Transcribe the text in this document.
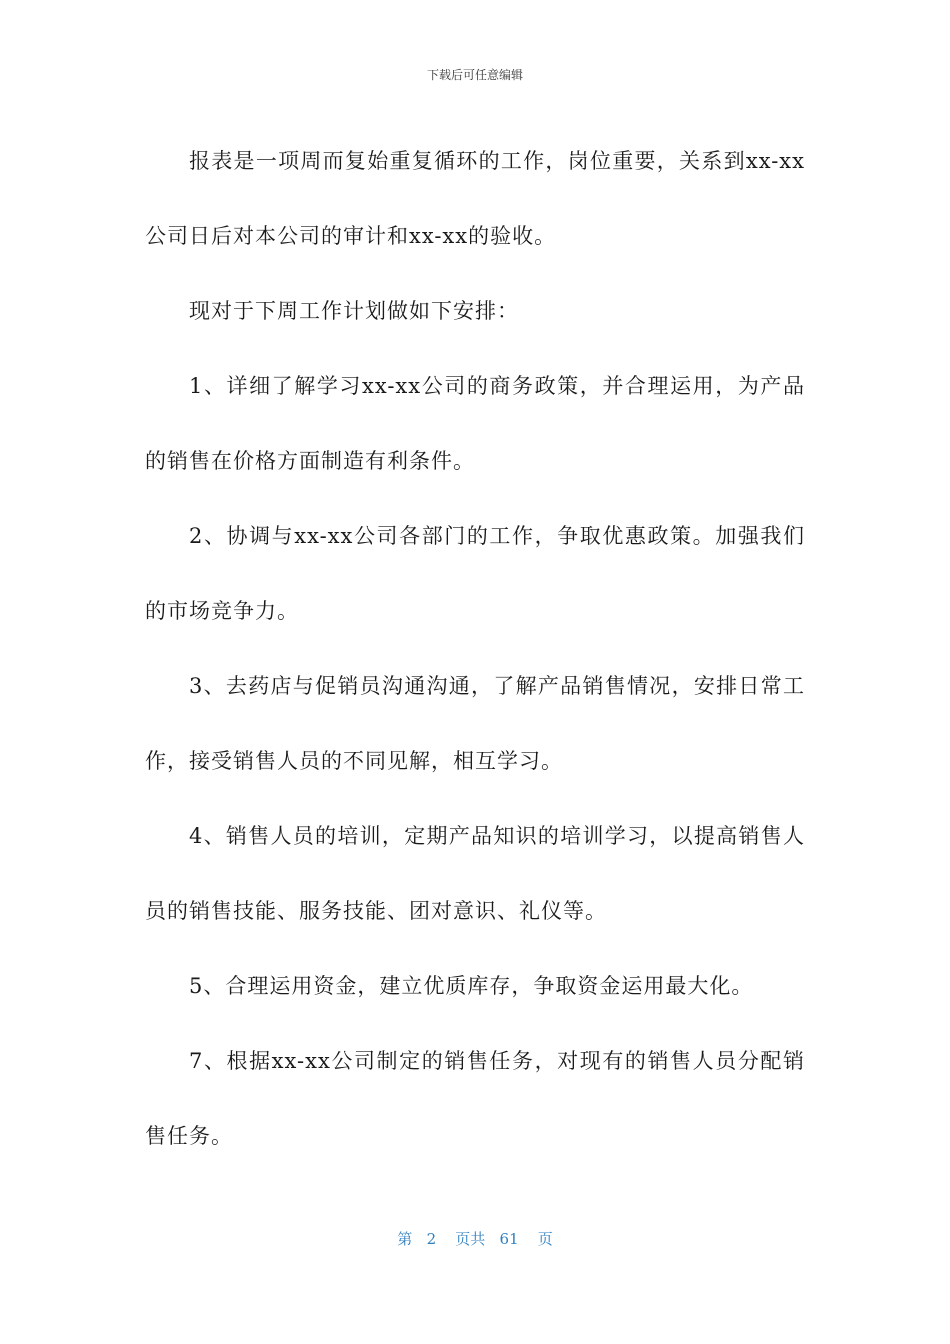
下载后可任意编辑

报表是一项周而复始重复循环的工作，岗位重要，关系到xx-xx公司日后对本公司的审计和xx-xx的验收。

现对于下周工作计划做如下安排：

1、详细了解学习xx-xx公司的商务政策，并合理运用，为产品的销售在价格方面制造有利条件。

2、协调与xx-xx公司各部门的工作，争取优惠政策。加强我们的市场竞争力。

3、去药店与促销员沟通沟通，了解产品销售情况，安排日常工作，接受销售人员的不同见解，相互学习。

4、销售人员的培训，定期产品知识的培训学习，以提高销售人员的销售技能、服务技能、团对意识、礼仪等。

5、合理运用资金，建立优质库存，争取资金运用最大化。

7、根据xx-xx公司制定的销售任务，对现有的销售人员分配销售任务。

第 2 页共 61 页
